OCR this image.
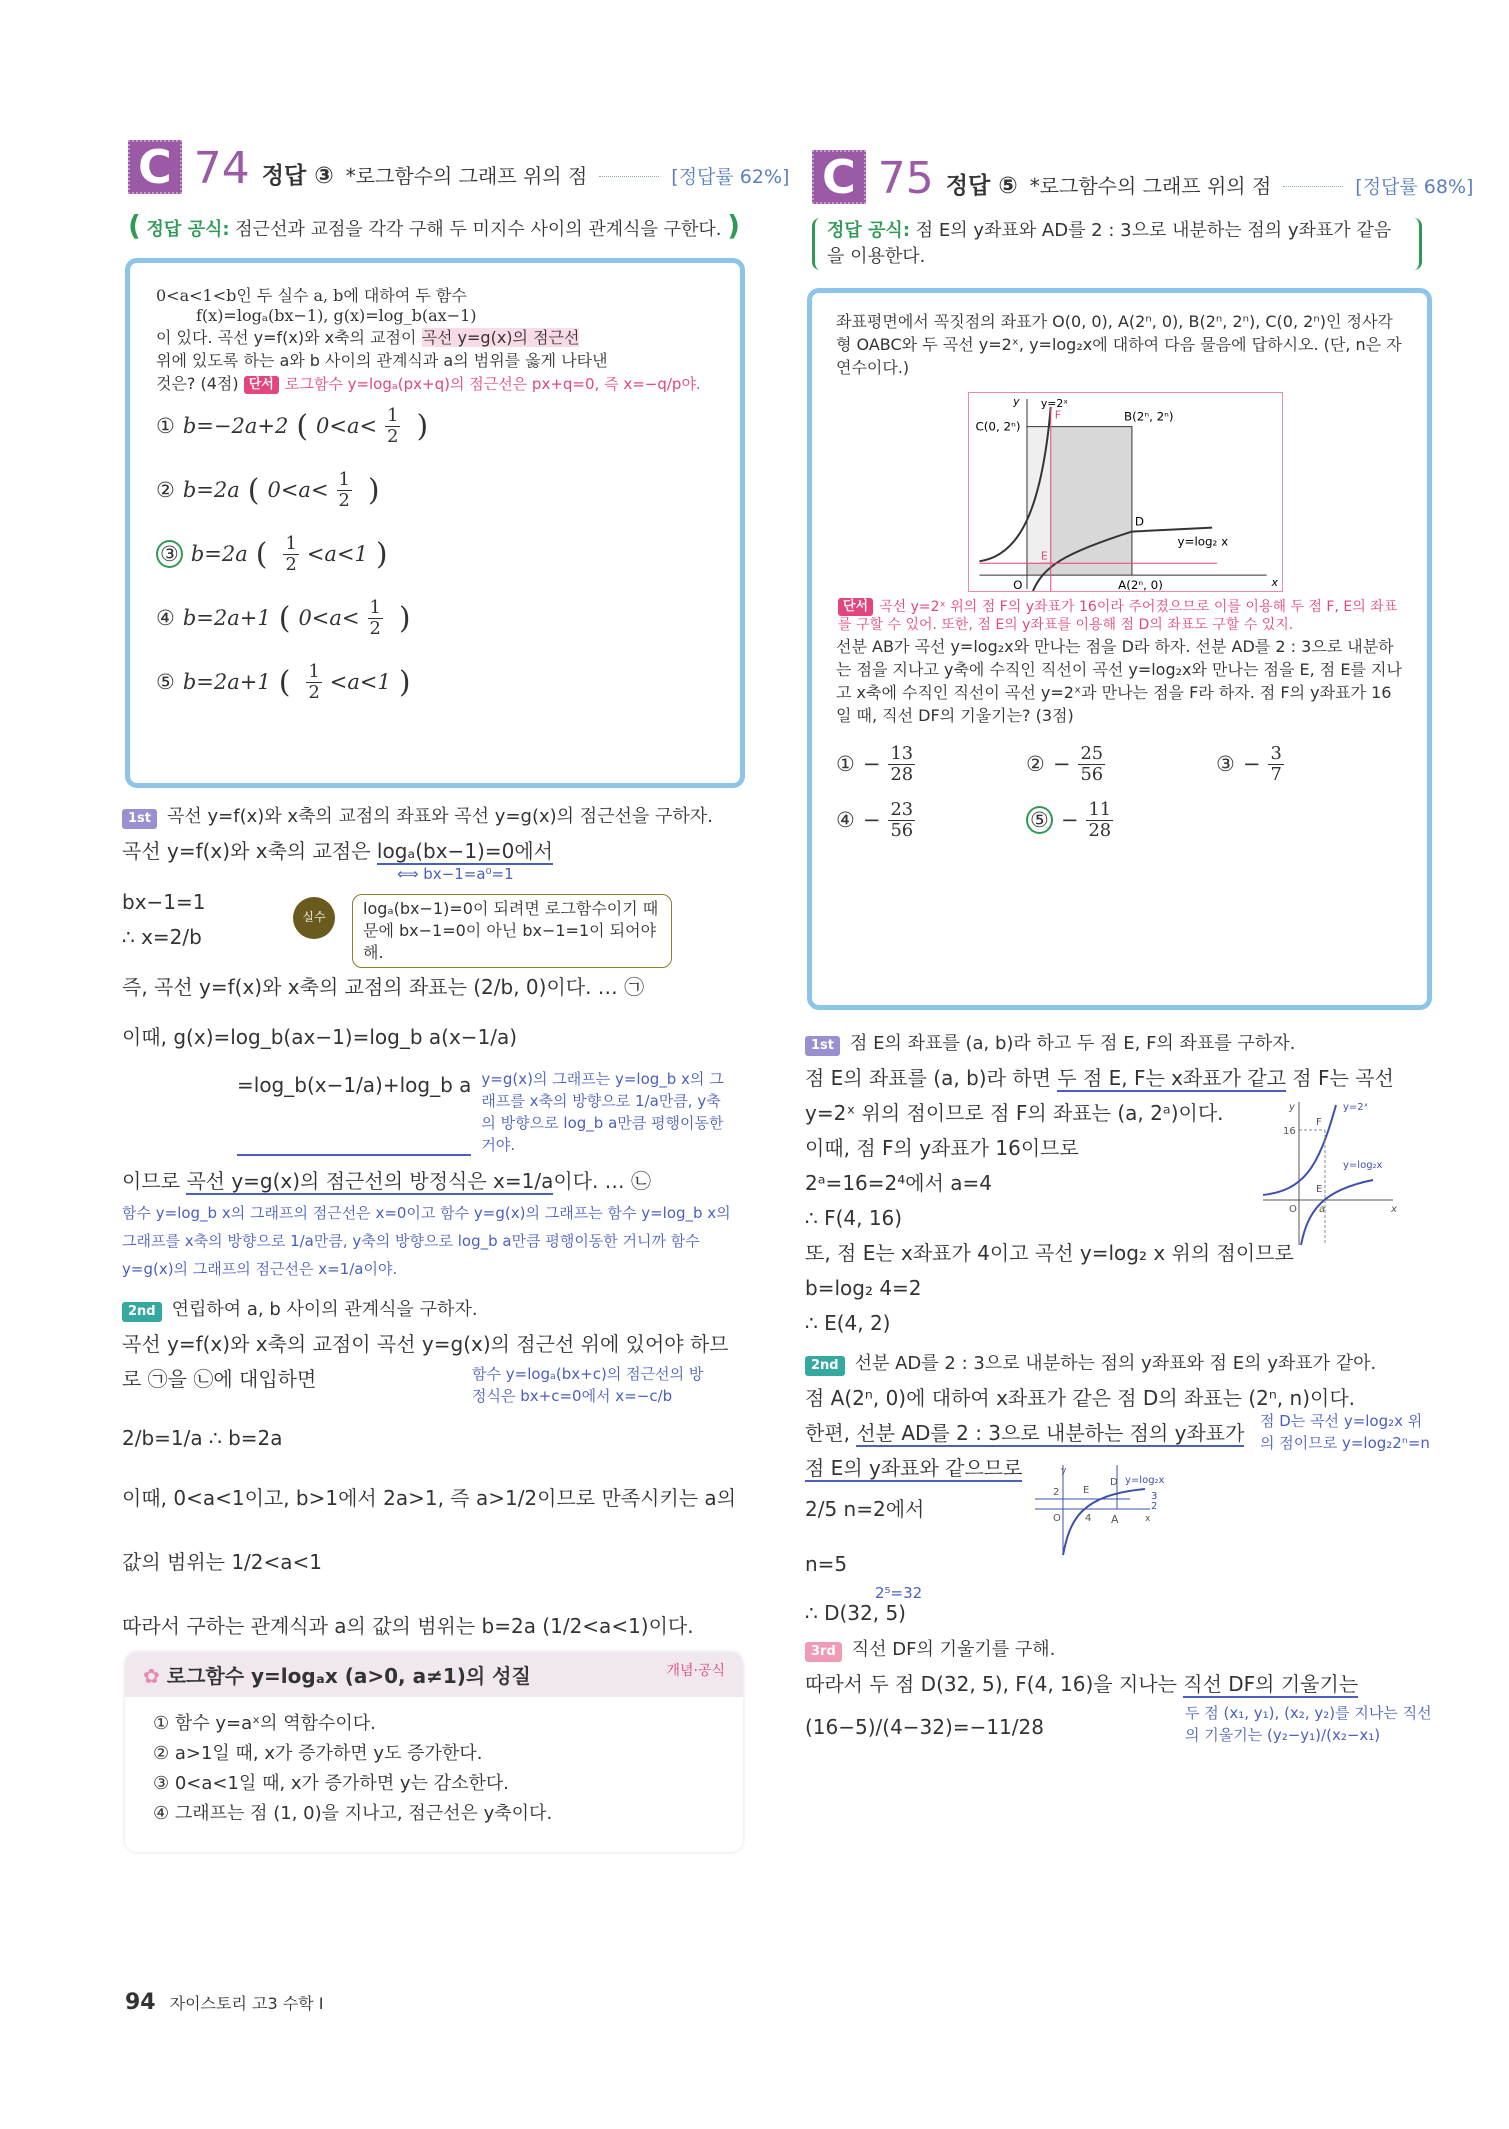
C 74 정답 ③ *로그함수의 그래프 위의 점	[정답률 62%]
( 정답 공식: 점근선과 교점을 각각 구해 두 미지수 사이의 관계식을 구한다. )
0<a<1<b인 두 실수 a, b에 대하여 두 함수
f(x)=logₐ(bx−1), g(x)=log_b(ax−1)
이 있다. 곡선 y=f(x)와 x축의 교점이 곡선 y=g(x)의 점근선
위에 있도록 하는 a와 b 사이의 관계식과 a의 범위를 옳게 나타낸
것은? (4점) 단서 로그함수 y=logₐ(px+q)의 점근선은 px+q=0, 즉 x=−q/p야.
① b=−2a+2 ( $0<a< \frac{1}{2}$ )
② b=2a ( $0<a< \frac{1}{2}$ )
③ b=2a ( $\frac{1}{2} <a<1$ )
④ b=2a+1 ( $0<a< \frac{1}{2}$ )
⑤ b=2a+1 ( $\frac{1}{2} <a<1$ )
1st 곡선 y=f(x)와 x축의 교점의 좌표와 곡선 y=g(x)의 점근선을 구하자.
곡선 y=f(x)와 x축의 교점은 logₐ(bx−1)=0에서
⟺ bx−1=a⁰=1
bx−1=1
∴ x=2/b
실수	logₐ(bx−1)=0이 되려면 로그함수이기 때문에 bx−1=0이 아닌 bx−1=1이 되어야 해.
즉, 곡선 y=f(x)와 x축의 교점의 좌표는 (2/b, 0)이다. … ㉠
이때, g(x)=log_b(ax−1)=log_b a(x−1/a)
=log_b(x−1/a)+log_b a y=g(x)의 그래프는 y=log_b x의 그래프를 x축의 방향으로 1/a만큼, y축의 방향으로 log_b a만큼 평행이동한 거야.
이므로 곡선 y=g(x)의 점근선의 방정식은 x=1/a이다. … ㉡
함수 y=log_b x의 그래프의 점근선은 x=0이고 함수 y=g(x)의 그래프는 함수 y=log_b x의 그래프를 x축의 방향으로 1/a만큼, y축의 방향으로 log_b a만큼 평행이동한 거니까 함수 y=g(x)의 그래프의 점근선은 x=1/a이야.
2nd 연립하여 a, b 사이의 관계식을 구하자.
곡선 y=f(x)와 x축의 교점이 곡선 y=g(x)의 점근선 위에 있어야 하므로 ㉠을 ㉡에 대입하면	함수 y=logₐ(bx+c)의 점근선의 방정식은 bx+c=0에서 x=−c/b
2/b=1/a ∴ b=2a
이때, 0<a<1이고, b>1에서 2a>1, 즉 a>1/2이므로 만족시키는 a의
값의 범위는 1/2<a<1
따라서 구하는 관계식과 a의 값의 범위는 b=2a (1/2<a<1)이다.
✿ 로그함수 y=logₐx (a>0, a≠1)의 성질	개념·공식
① 함수 y=aˣ의 역함수이다.
② a>1일 때, x가 증가하면 y도 증가한다.
③ 0<a<1일 때, x가 증가하면 y는 감소한다.
④ 그래프는 점 (1, 0)을 지나고, 점근선은 y축이다.
C 75 정답 ⑤ *로그함수의 그래프 위의 점	[정답률 68%]
정답 공식: 점 E의 y좌표와 AD를 2 : 3으로 내분하는 점의 y좌표가 같음을 이용한다.
좌표평면에서 꼭짓점의 좌표가 O(0, 0), A(2ⁿ, 0), B(2ⁿ, 2ⁿ), C(0, 2ⁿ)인 정사각형 OABC와 두 곡선 y=2ˣ, y=log₂x에 대하여 다음 물음에 답하시오. (단, n은 자연수이다.)
y
x
O
y=2ˣ
F
E
D
y=log₂ x
B(2ⁿ, 2ⁿ)
C(0, 2ⁿ)
A(2ⁿ, 0)
단서 곡선 y=2ˣ 위의 점 F의 y좌표가 16이라 주어졌으므로 이를 이용해 두 점 F, E의 좌표를 구할 수 있어. 또한, 점 E의 y좌표를 이용해 점 D의 좌표도 구할 수 있지.
선분 AB가 곡선 y=log₂x와 만나는 점을 D라 하자. 선분 AD를 2 : 3으로 내분하는 점을 지나고 y축에 수직인 직선이 곡선 y=log₂x와 만나는 점을 E, 점 E를 지나고 x축에 수직인 직선이 곡선 y=2ˣ과 만나는 점을 F라 하자. 점 F의 y좌표가 16일 때, 직선 DF의 기울기는? (3점)
① − $\frac{13}{28}$	② − $\frac{25}{56}$	③ − $\frac{3}{7}$
④ − $\frac{23}{56}$	⑤ − $\frac{11}{28}$
1st 점 E의 좌표를 (a, b)라 하고 두 점 E, F의 좌표를 구하자.
점 E의 좌표를 (a, b)라 하면 두 점 E, F는 x좌표가 같고 점 F는 곡선
y=2ˣ 위의 점이므로 점 F의 좌표는 (a, 2ᵃ)이다.
이때, 점 F의 y좌표가 16이므로
2ᵃ=16=2⁴에서 a=4
∴ F(4, 16)
또, 점 E는 x좌표가 4이고 곡선 y=log₂ x 위의 점이므로
b=log₂ 4=2
∴ E(4, 2)
y
x
O
y=2ˣ
y=log₂x
16
F
E
a
2nd 선분 AD를 2 : 3으로 내분하는 점의 y좌표와 점 E의 y좌표가 같아.
점 A(2ⁿ, 0)에 대하여 x좌표가 같은 점 D의 좌표는 (2ⁿ, n)이다.
점 D는 곡선 y=log₂x 위의 점이므로 y=log₂2ⁿ=n
한편, 선분 AD를 2 : 3으로 내분하는 점의 y좌표가 점 E의 y좌표와 같으므로
2/5 n=2에서
2
4
O	A
E
D y=log₂x
3
2
y
x
n=5
2⁵=32
∴ D(32, 5)
3rd 직선 DF의 기울기를 구해.
따라서 두 점 D(32, 5), F(4, 16)을 지나는 직선 DF의 기울기는
(16−5)/(4−32)=−11/28
두 점 (x₁, y₁), (x₂, y₂)를 지나는 직선의 기울기는 (y₂−y₁)/(x₂−x₁)
94 자이스토리 고3 수학 I
